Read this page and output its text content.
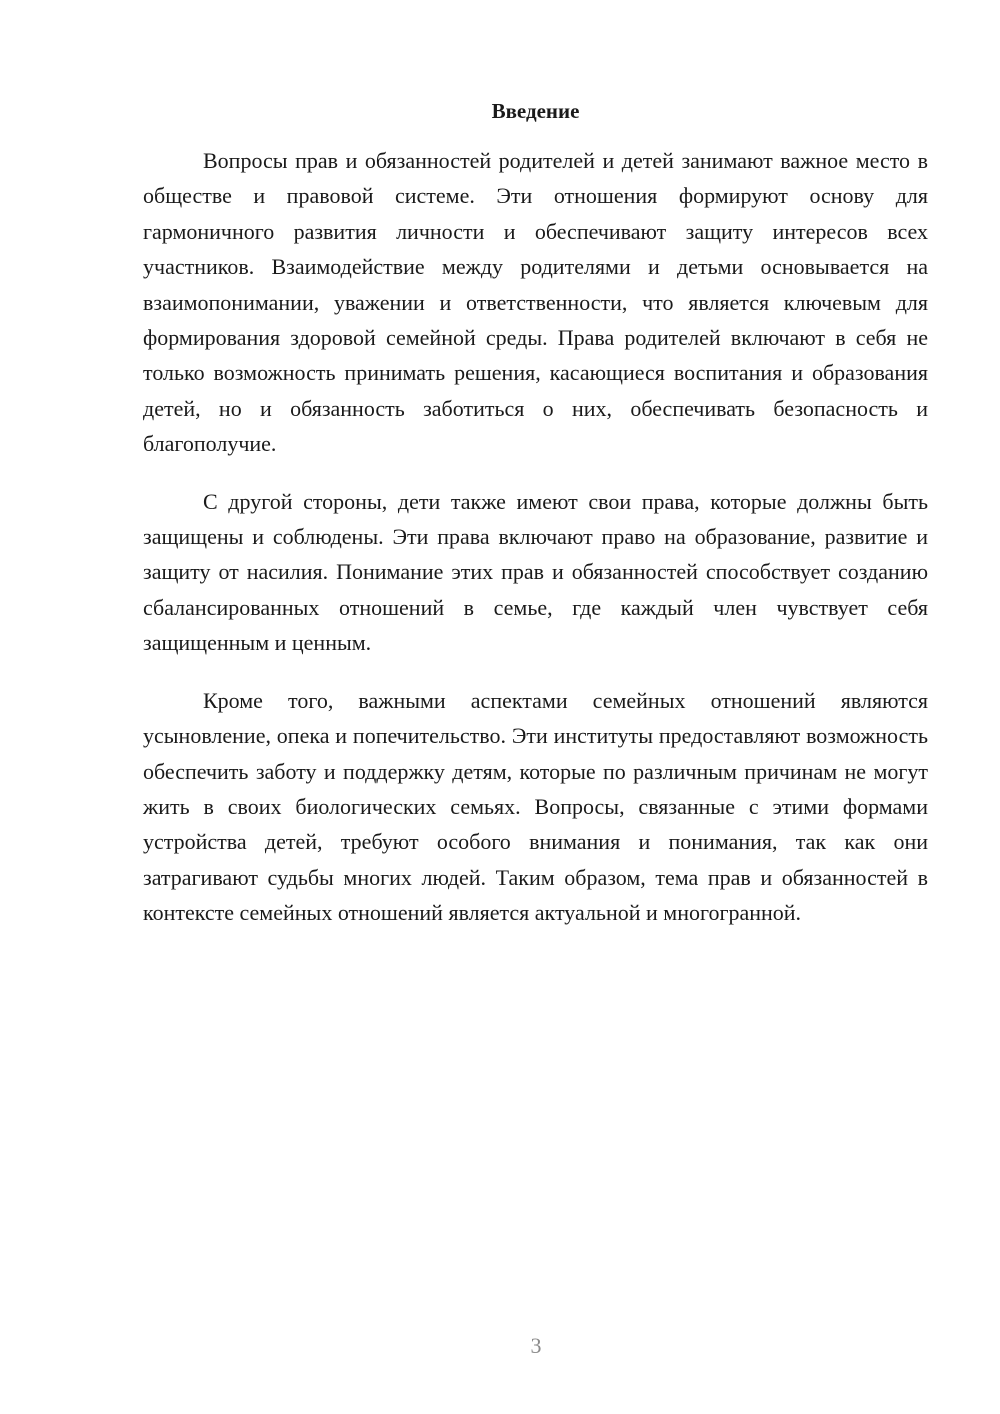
Введение

Вопросы прав и обязанностей родителей и детей занимают важное место в обществе и правовой системе. Эти отношения формируют основу для гармоничного развития личности и обеспечивают защиту интересов всех участников. Взаимодействие между родителями и детьми основывается на взаимопонимании, уважении и ответственности, что является ключевым для формирования здоровой семейной среды. Права родителей включают в себя не только возможность принимать решения, касающиеся воспитания и образования детей, но и обязанность заботиться о них, обеспечивать безопасность и благополучие.

С другой стороны, дети также имеют свои права, которые должны быть защищены и соблюдены. Эти права включают право на образование, развитие и защиту от насилия. Понимание этих прав и обязанностей способствует созданию сбалансированных отношений в семье, где каждый член чувствует себя защищенным и ценным.

Кроме того, важными аспектами семейных отношений являются усыновление, опека и попечительство. Эти институты предоставляют возможность обеспечить заботу и поддержку детям, которые по различным причинам не могут жить в своих биологических семьях. Вопросы, связанные с этими формами устройства детей, требуют особого внимания и понимания, так как они затрагивают судьбы многих людей. Таким образом, тема прав и обязанностей в контексте семейных отношений является актуальной и многогранной.

3
